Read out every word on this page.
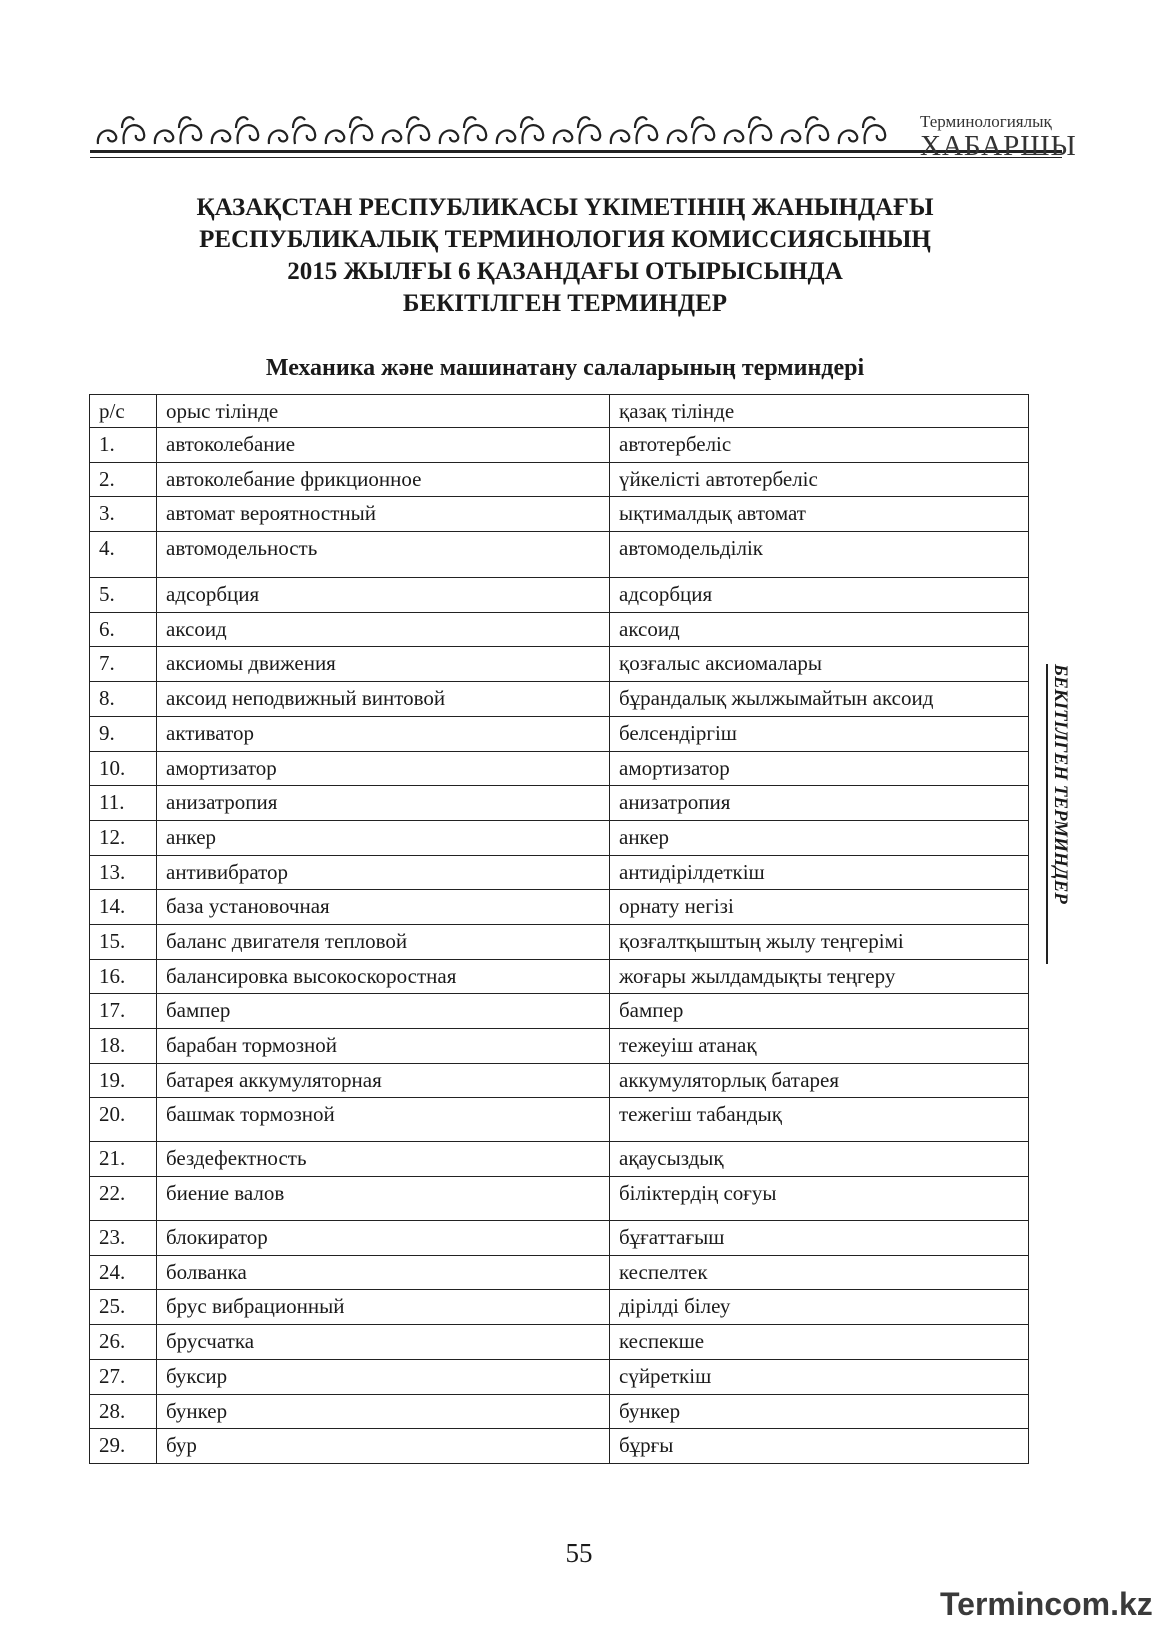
Терминологиялық
ХАБАРШЫ
ҚАЗАҚСТАН РЕСПУБЛИКАСЫ ҮКІМЕТІНІҢ ЖАНЫНДАҒЫ
РЕСПУБЛИКАЛЫҚ ТЕРМИНОЛОГИЯ КОМИССИЯСЫНЫҢ
2015 ЖЫЛҒЫ 6 ҚАЗАНДАҒЫ ОТЫРЫСЫНДА
БЕКІТІЛГЕН ТЕРМИНДЕР
Механика және машинатану салаларының терминдері
р/с	орыс тілінде	қазақ тілінде
1.	автоколебание	автотербеліс
2.	автоколебание фрикционное	үйкелісті автотербеліс
3.	автомат вероятностный	ықтималдық автомат
4.	автомодельность	автомодельділік
5.	адсорбция	адсорбция
6.	аксоид	аксоид
7.	аксиомы движения	қозғалыс аксиомалары
8.	аксоид неподвижный винтовой	бұрандалық жылжымайтын аксоид
9.	активатор	белсендіргіш
10.	амортизатор	амортизатор
11.	анизатропия	анизатропия
12.	анкер	анкер
13.	антивибратор	антидірілдеткіш
14.	база установочная	орнату негізі
15.	баланс двигателя тепловой	қозғалтқыштың жылу теңгерімі
16.	балансировка высокоскоростная	жоғары жылдамдықты теңгеру
17.	бампер	бампер
18.	барабан тормозной	тежеуіш атанақ
19.	батарея аккумуляторная	аккумуляторлық батарея
20.	башмак тормозной	тежегіш табандық
21.	бездефектность	ақаусыздық
22.	биение валов	біліктердің соғуы
23.	блокиратор	бұғаттағыш
24.	болванка	кеспелтек
25.	брус вибрационный	дірілді білеу
26.	брусчатка	кеспекше
27.	буксир	сүйреткіш
28.	бункер	бункер
29.	бур	бұрғы
БЕКІТІЛГЕН ТЕРМИНДЕР
55
Termincom.kz
